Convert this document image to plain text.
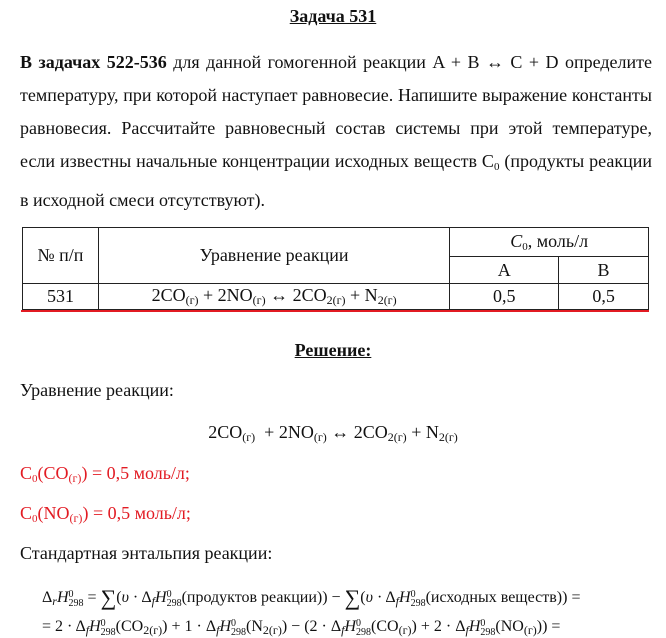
Задача 531

В задачах 522-536 для данной гомогенной реакции A + B ↔ C + D определите температуру, при которой наступает равновесие. Напишите выражение константы равновесия. Рассчитайте равновесный состав системы при этой температуре, если известны начальные концентрации исходных веществ C0 (продукты реакции в исходной смеси отсутствуют).

№ п/п	Уравнение реакции	C0, моль/л	
		A	B
531	$2CO_{(г)} + 2NO_{(г)}$ ↔ $2CO_{2(г)} + N_{2(г)}$	0,5	0,5
Решение:
Уравнение реакции:
$2CO_{(г)} + 2NO_{(г)}$ ↔ $2CO_{2(г)} + N_{2(г)}$
$C0(CO_{(г)}) = 0,5$ моль/л;
$C0(NO_{(г)}) = 0,5$ моль/л;
Стандартная энтальпия реакции:
$\Delta_rH$ 0
$298 = \sum(\upsilon \cdot \Delta_fH$ 0
298 (продуктов реакции)) − $\sum(\upsilon \cdot \Delta_fH$ 0
298 (исходных веществ)) =
= $2 \cdot \Delta_fH$ 0
298 $(CO_{2(г)}) + 1 \cdot \Delta_fH$ 0
298 $(N_{2(г)}) - (2 \cdot \Delta_fH$ 0
298 $(CO_{(г)}) + 2 \cdot \Delta_fH$ 0
298 $(NO_{(г)})$) =
